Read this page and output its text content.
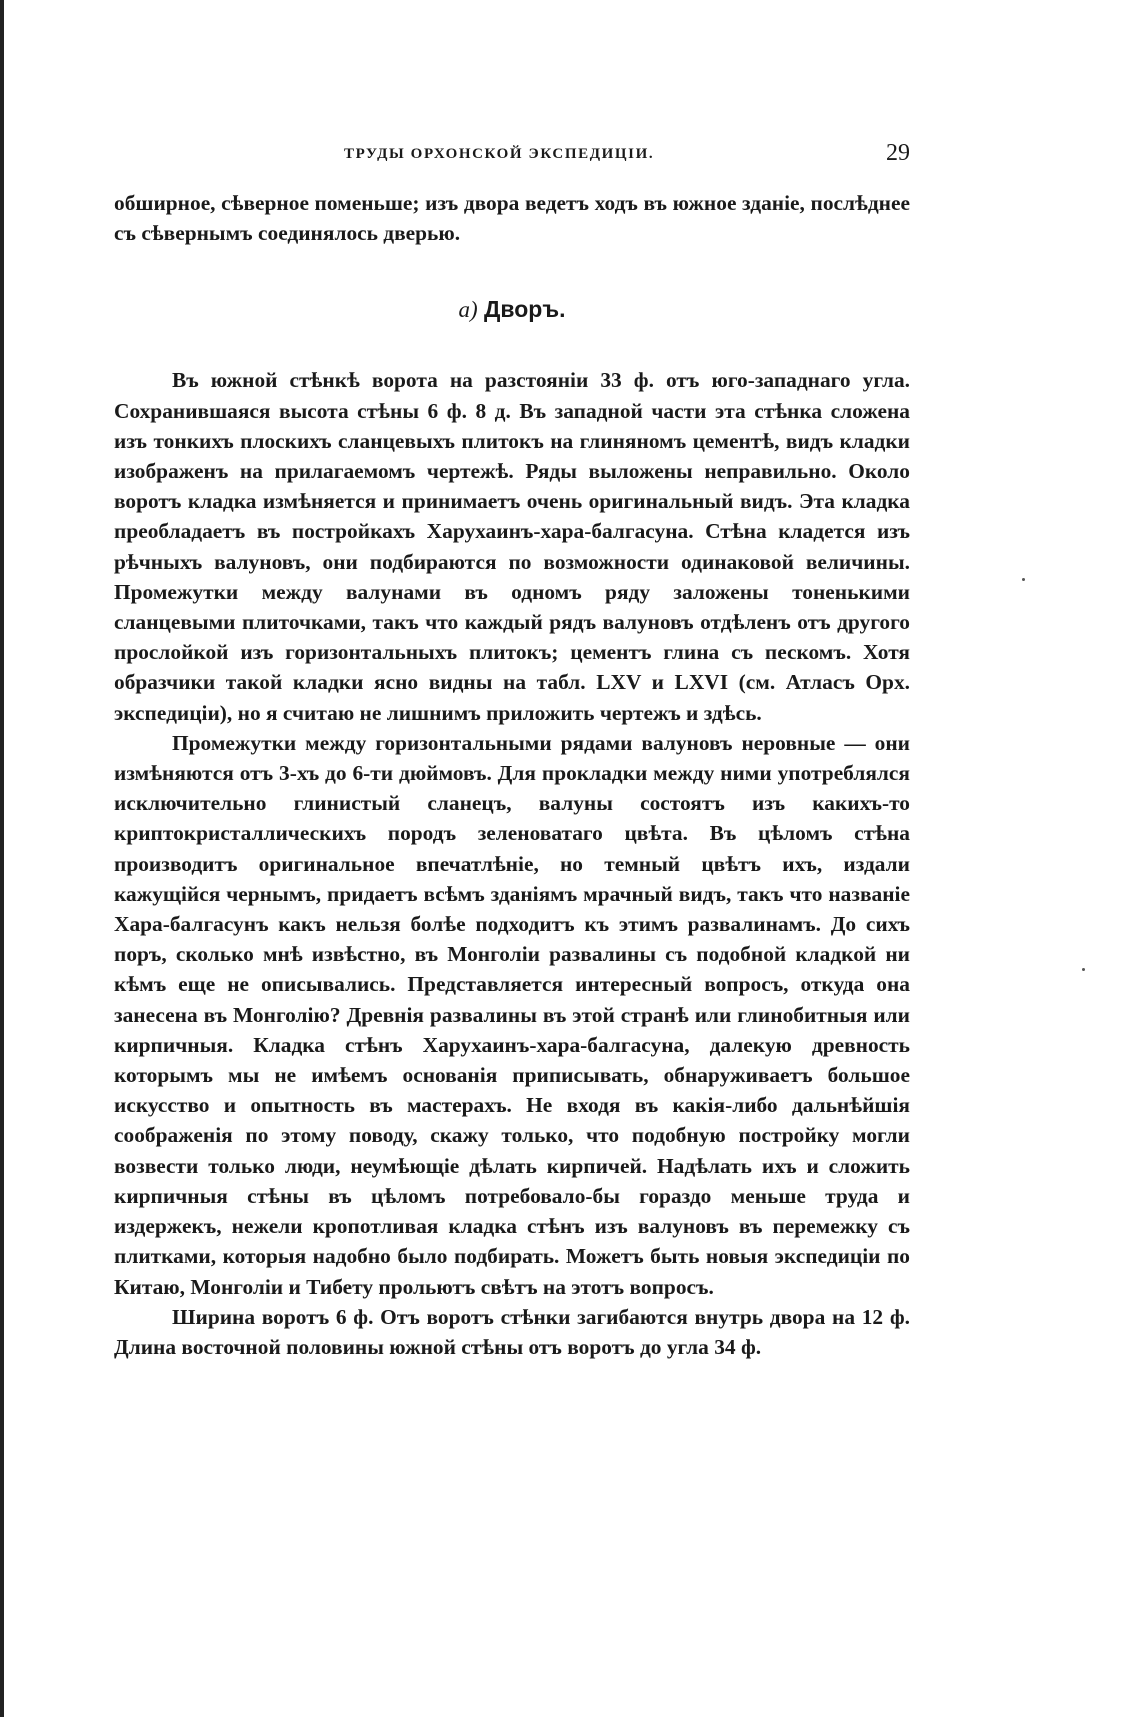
ТРУДЫ ОРХОНСКОЙ ЭКСПЕДИЦІИ.	29

обширное, сѣверное поменьше; изъ двора ведетъ ходъ въ южное зданіе, послѣднее съ сѣвернымъ соединялось дверью.

a) Дворъ.

Въ южной стѣнкѣ ворота на разстояніи 33 ф. отъ юго-западнаго угла. Сохранившаяся высота стѣны 6 ф. 8 д. Въ западной части эта стѣнка сложена изъ тонкихъ плоскихъ сланцевыхъ плитокъ на глиняномъ цементѣ, видъ кладки изображенъ на прилагаемомъ чертежѣ. Ряды выложены неправильно. Около воротъ кладка измѣняется и принимаетъ очень оригинальный видъ. Эта кладка преобладаетъ въ постройкахъ Харухаинъ-хара-балгасуна. Стѣна кладется изъ рѣчныхъ валуновъ, они подбираются по возможности одинаковой величины. Промежутки между валунами въ одномъ ряду заложены тоненькими сланцевыми плиточками, такъ что каждый рядъ валуновъ отдѣленъ отъ другого прослойкой изъ горизонтальныхъ плитокъ; цементъ глина съ пескомъ. Хотя образчики такой кладки ясно видны на табл. LXV и LXVI (см. Атласъ Орх. экспедиціи), но я считаю не лишнимъ приложить чертежъ и здѣсь.

Промежутки между горизонтальными рядами валуновъ неровные — они измѣняются отъ 3-хъ до 6-ти дюймовъ. Для прокладки между ними употреблялся исключительно глинистый сланецъ, валуны состоятъ изъ какихъ-то криптокристаллическихъ породъ зеленоватаго цвѣта. Въ цѣломъ стѣна производитъ оригинальное впечатлѣніе, но темный цвѣтъ ихъ, издали кажущійся чернымъ, придаетъ всѣмъ зданіямъ мрачный видъ, такъ что названіе Хара-балгасунъ какъ нельзя болѣе подходитъ къ этимъ развалинамъ. До сихъ поръ, сколько мнѣ извѣстно, въ Монголіи развалины съ подобной кладкой ни кѣмъ еще не описывались. Представляется интересный вопросъ, откуда она занесена въ Монголію? Древнія развалины въ этой странѣ или глинобитныя или кирпичныя. Кладка стѣнъ Харухаинъ-хара-балгасуна, далекую древность которымъ мы не имѣемъ основанія приписывать, обнаруживаетъ большое искусство и опытность въ мастерахъ. Не входя въ какія-либо дальнѣйшія соображенія по этому поводу, скажу только, что подобную постройку могли возвести только люди, неумѣющіе дѣлать кирпичей. Надѣлать ихъ и сложить кирпичныя стѣны въ цѣломъ потребовало-бы гораздо меньше труда и издержекъ, нежели кропотливая кладка стѣнъ изъ валуновъ въ перемежку съ плитками, которыя надобно было подбирать. Можетъ быть новыя экспедиціи по Китаю, Монголіи и Тибету прольютъ свѣтъ на этотъ вопросъ.

Ширина воротъ 6 ф. Отъ воротъ стѣнки загибаются внутрь двора на 12 ф. Длина восточной половины южной стѣны отъ воротъ до угла 34 ф.
